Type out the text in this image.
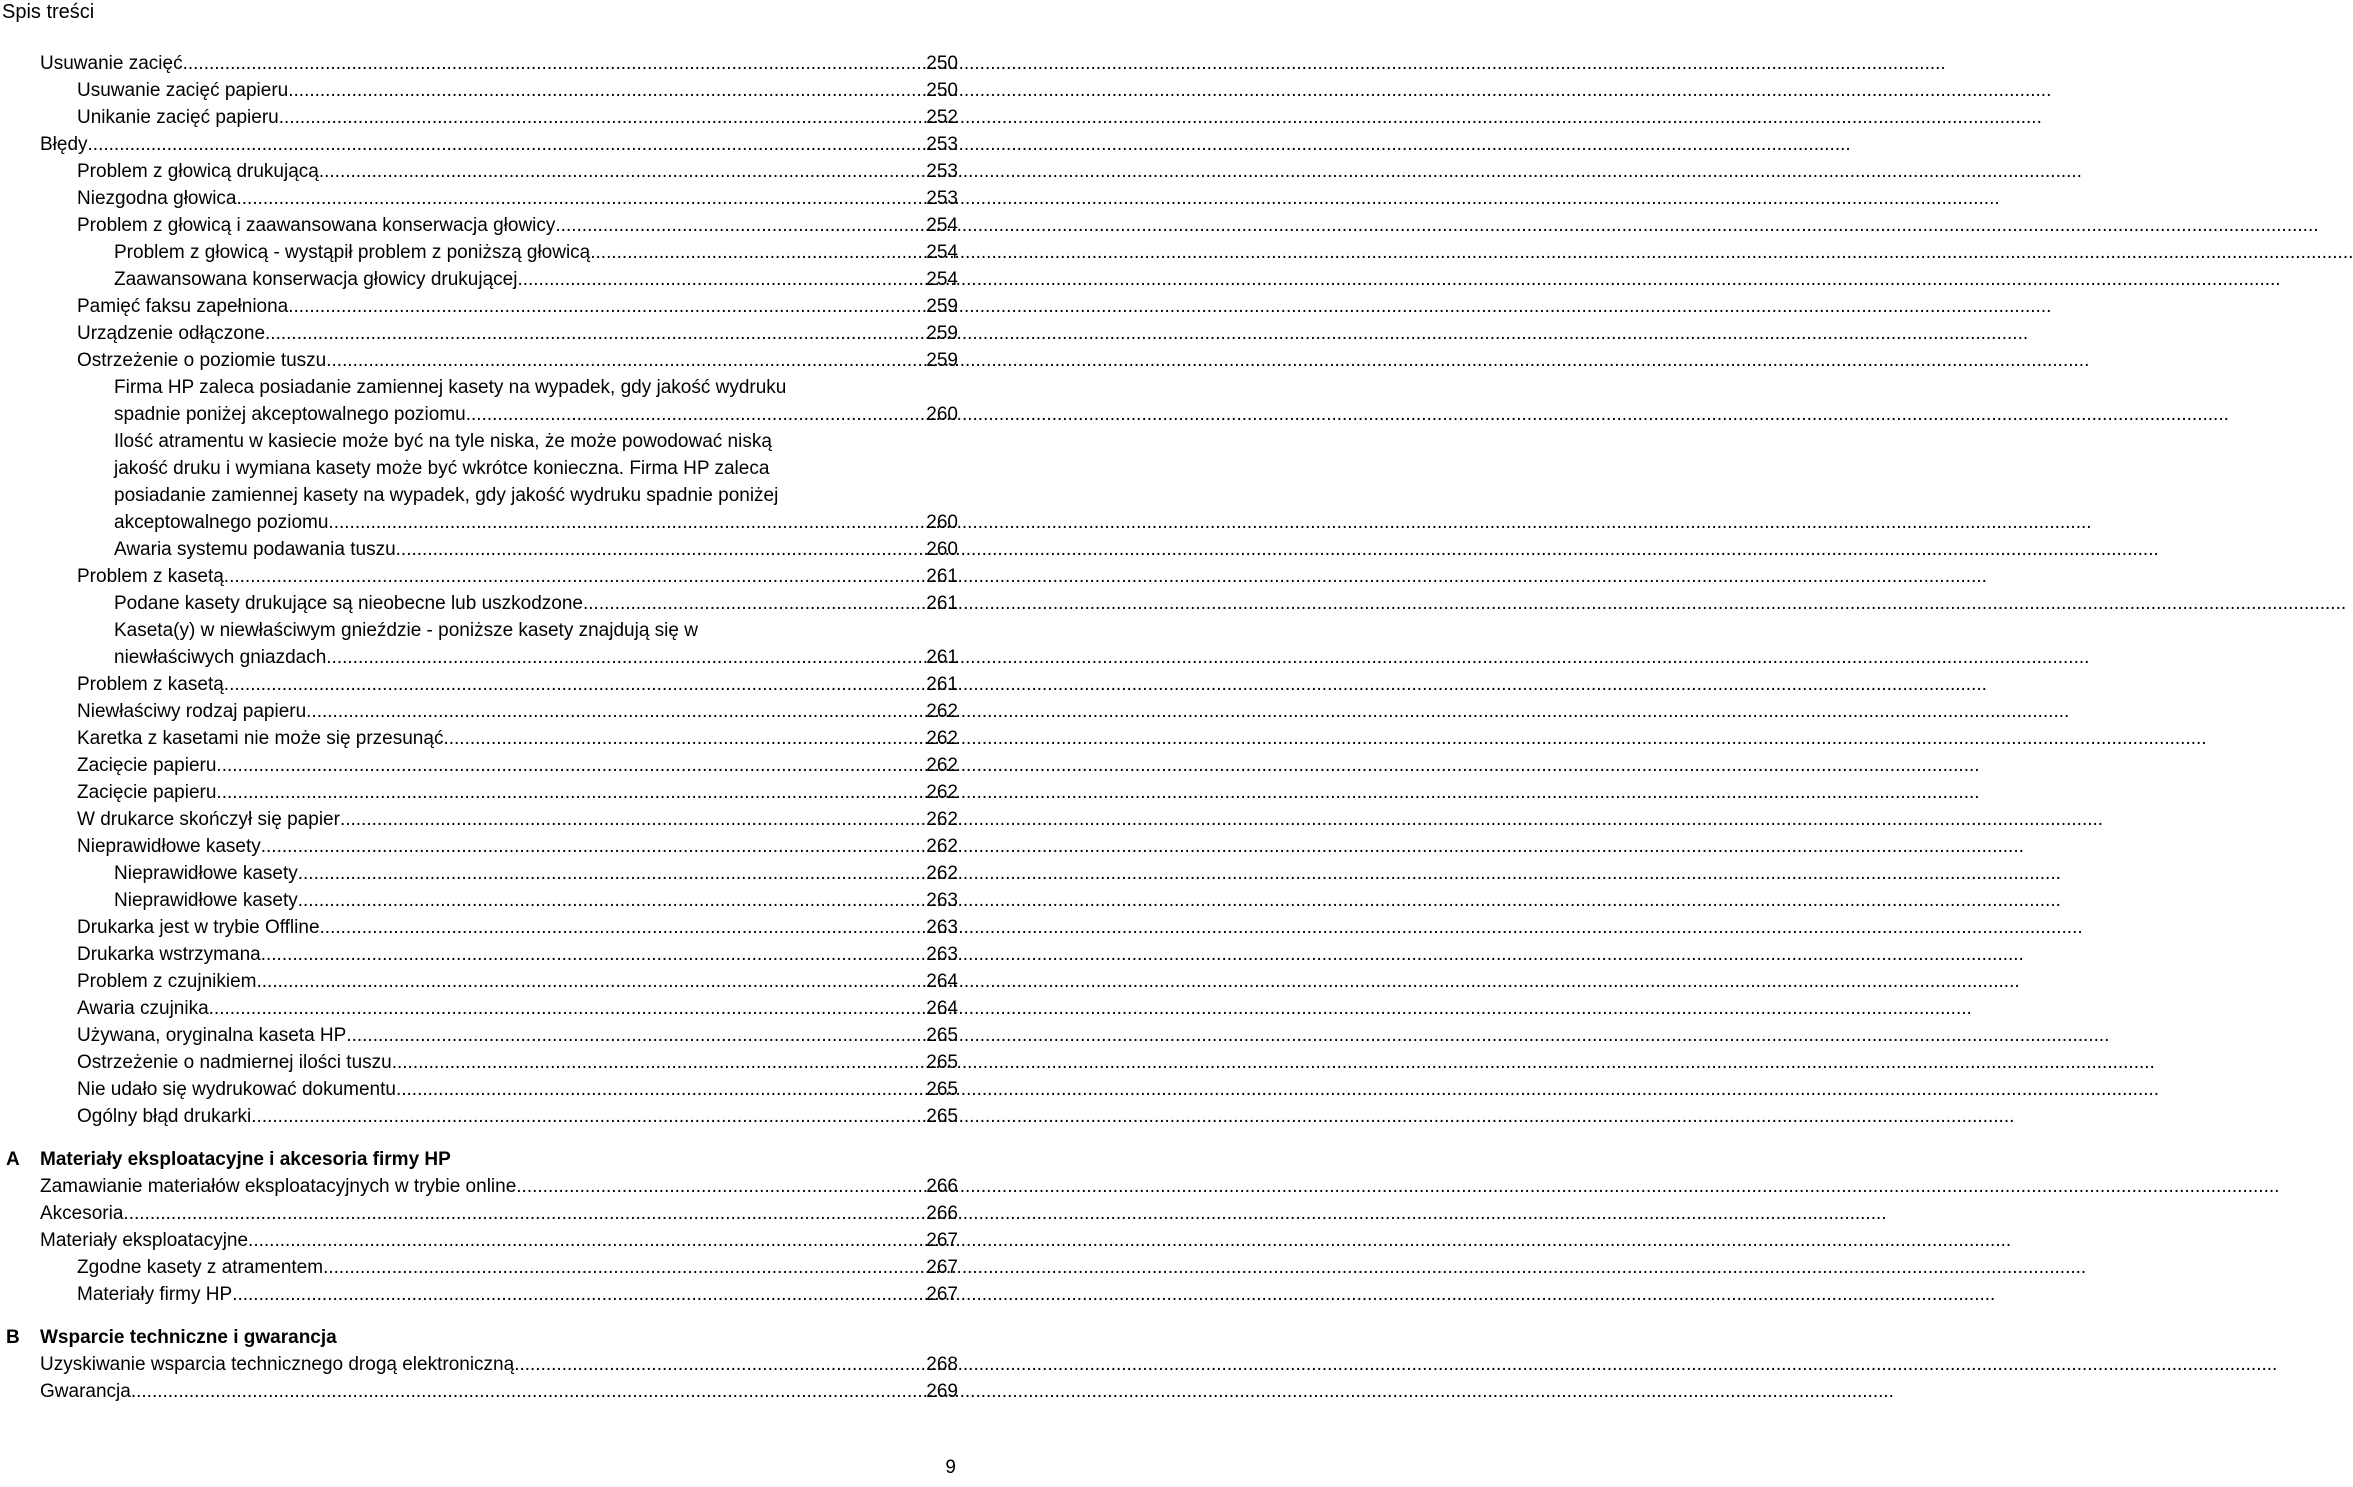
Spis treści
Usuwanie zacięć .....	250
Usuwanie zacięć papieru .....	250
Unikanie zacięć papieru .....	252
Błędy .....	253
Problem z głowicą drukującą .....	253
Niezgodna głowica .....	253
Problem z głowicą i zaawansowana konserwacja głowicy .....	254
Problem z głowicą - wystąpił problem z poniższą głowicą .....	254
Zaawansowana konserwacja głowicy drukującej .....	254
Pamięć faksu zapełniona .....	259
Urządzenie odłączone .....	259
Ostrzeżenie o poziomie tuszu .....	259
Firma HP zaleca posiadanie zamiennej kasety na wypadek, gdy jakość wydruku
spadnie poniżej akceptowalnego poziomu .....	260
Ilość atramentu w kasiecie może być na tyle niska, że może powodować niską
jakość druku i wymiana kasety może być wkrótce konieczna. Firma HP zaleca
posiadanie zamiennej kasety na wypadek, gdy jakość wydruku spadnie poniżej
akceptowalnego poziomu .....	260
Awaria systemu podawania tuszu .....	260
Problem z kasetą .....	261
Podane kasety drukujące są nieobecne lub uszkodzone .....	261
Kaseta(y) w niewłaściwym gnieździe - poniższe kasety znajdują się w
niewłaściwych gniazdach .....	261
Problem z kasetą .....	261
Niewłaściwy rodzaj papieru .....	262
Karetka z kasetami nie może się przesunąć .....	262
Zacięcie papieru .....	262
Zacięcie papieru .....	262
W drukarce skończył się papier .....	262
Nieprawidłowe kasety .....	262
Nieprawidłowe kasety .....	262
Nieprawidłowe kasety .....	263
Drukarka jest w trybie Offline .....	263
Drukarka wstrzymana .....	263
Problem z czujnikiem .....	264
Awaria czujnika .....	264
Używana, oryginalna kaseta HP .....	265
Ostrzeżenie o nadmiernej ilości tuszu .....	265
Nie udało się wydrukować dokumentu .....	265
Ogólny błąd drukarki .....	265
A	Materiały eksploatacyjne i akcesoria firmy HP
Zamawianie materiałów eksploatacyjnych w trybie online .....	266
Akcesoria .....	266
Materiały eksploatacyjne .....	267
Zgodne kasety z atramentem .....	267
Materiały firmy HP .....	267
B	Wsparcie techniczne i gwarancja
Uzyskiwanie wsparcia technicznego drogą elektroniczną .....	268
Gwarancja .....	269
9
